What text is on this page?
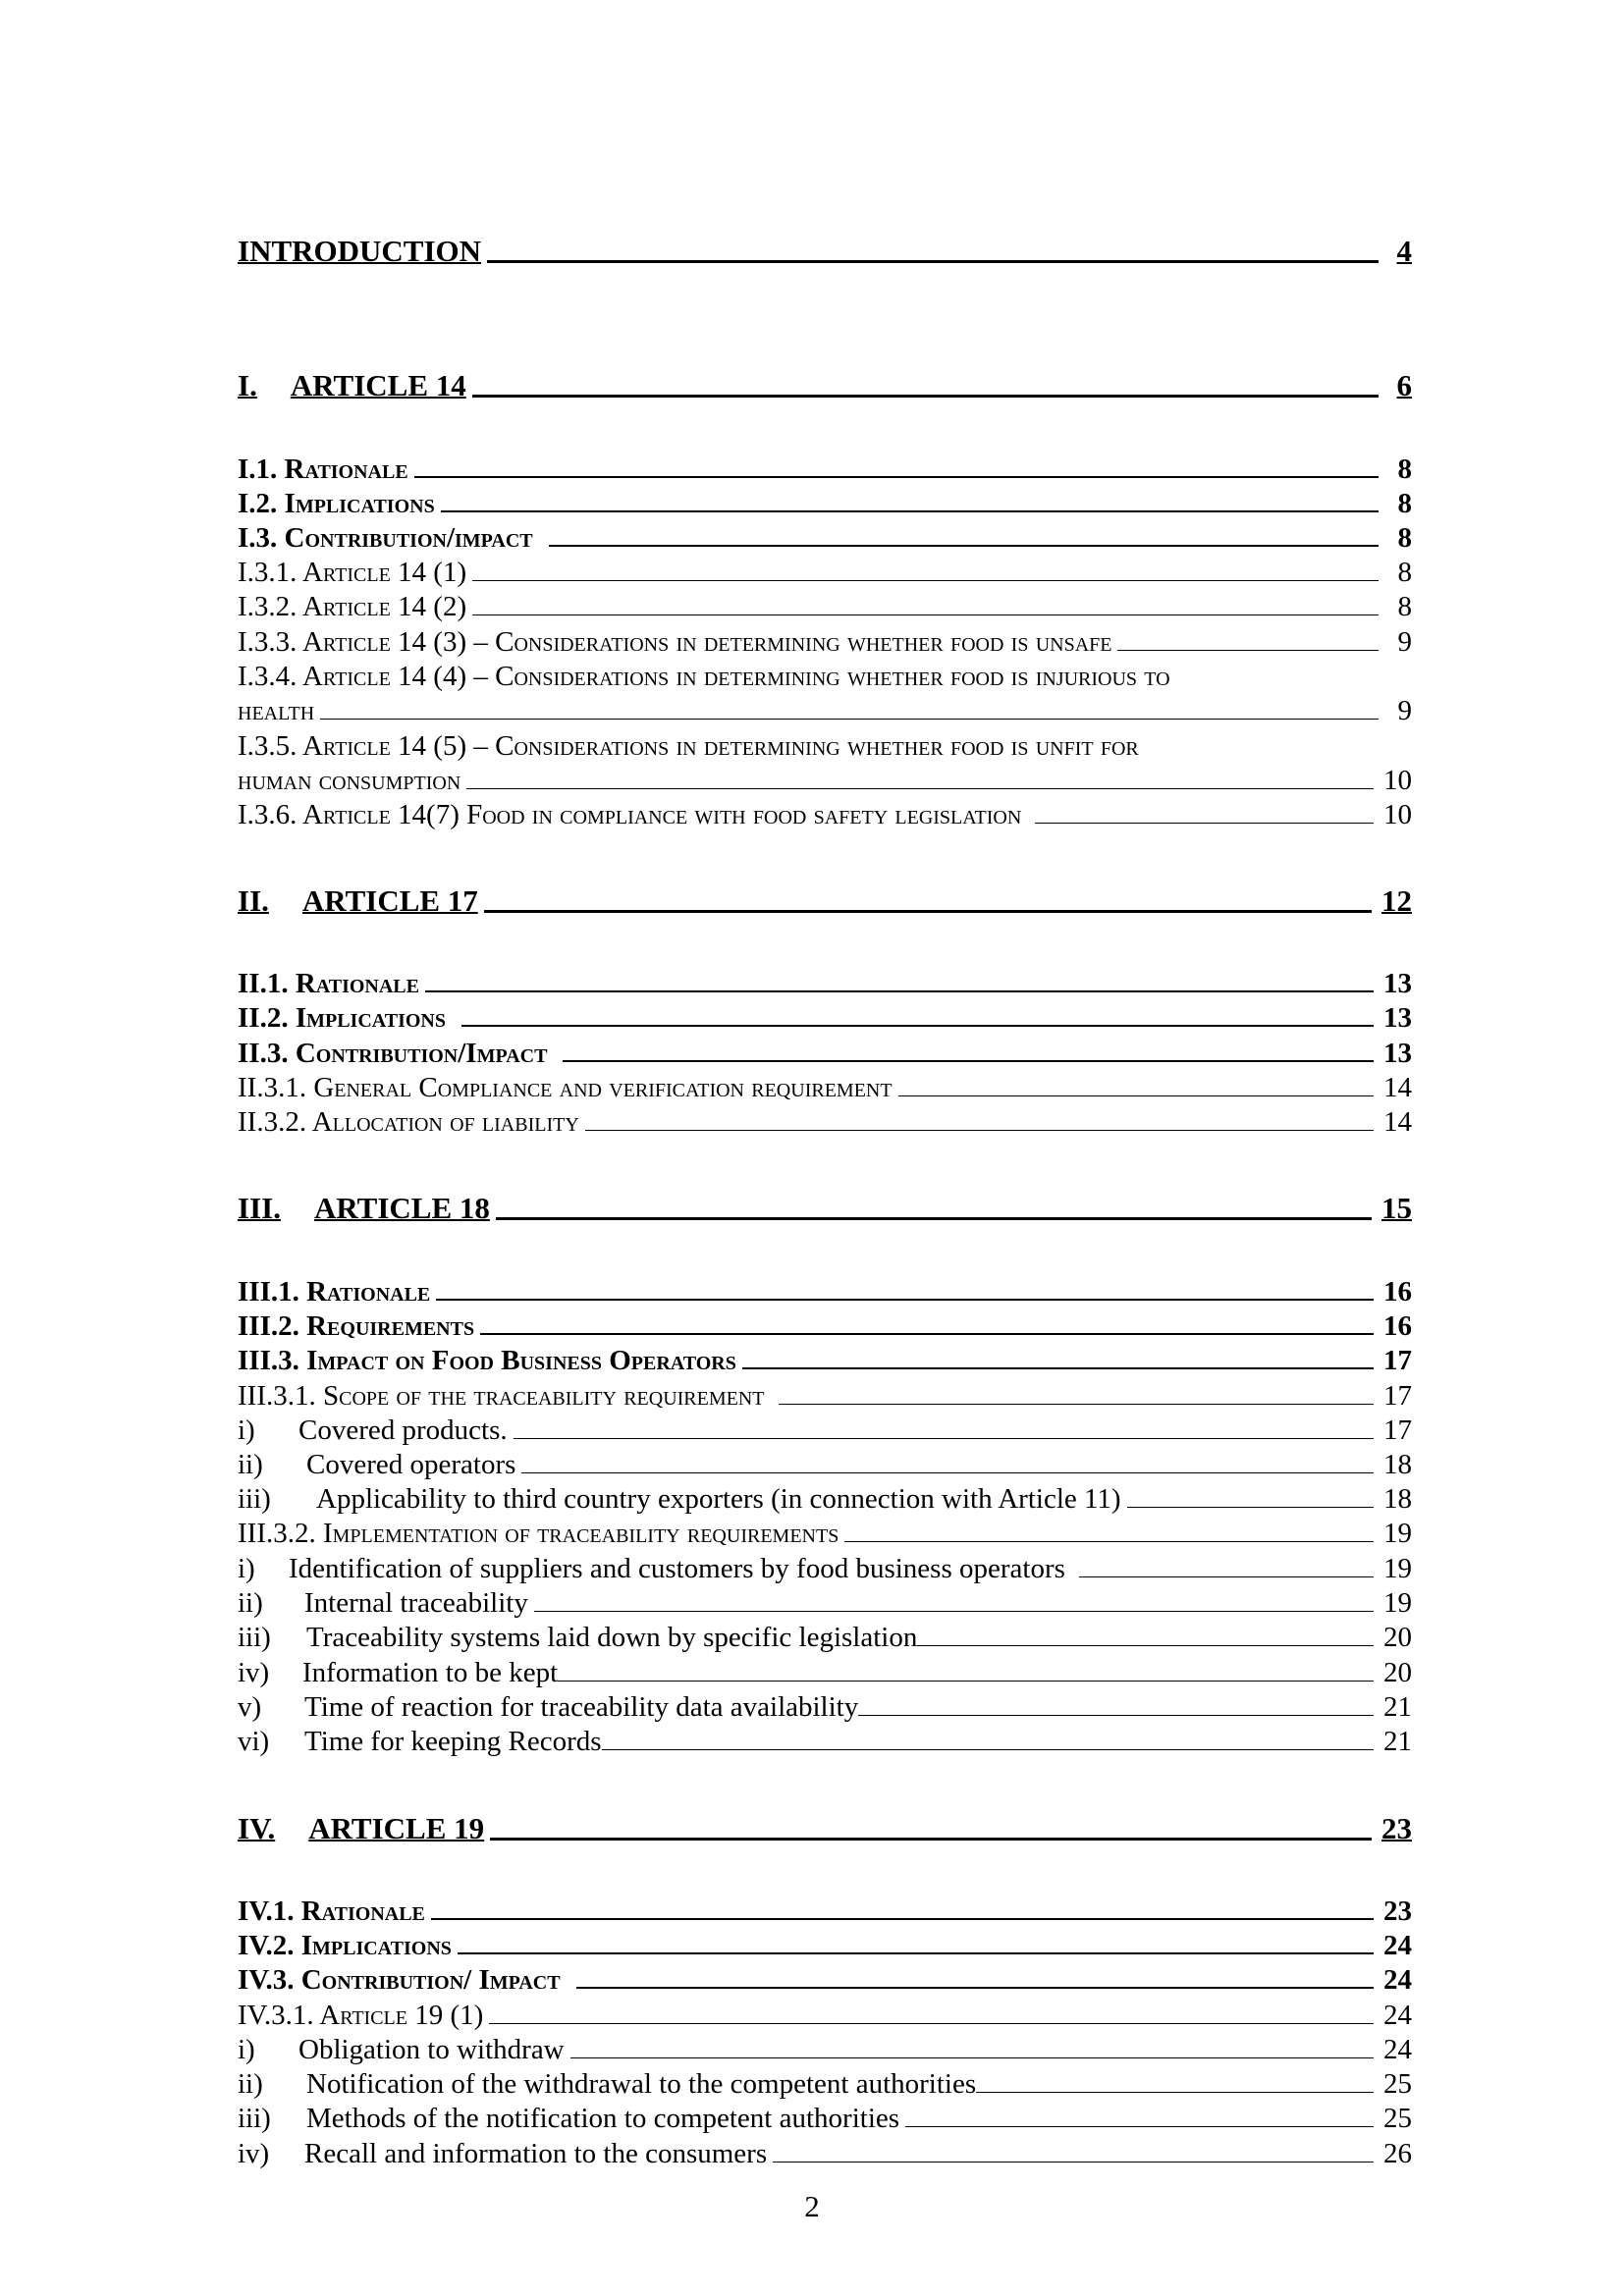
INTRODUCTION	4
I. ARTICLE 14	6
I.1. Rationale	8
I.2. Implications	8
I.3. Contribution/impact	8
I.3.1. Article 14 (1)	8
I.3.2. Article 14 (2)	8
I.3.3. Article 14 (3) – Considerations in determining whether food is unsafe	9
I.3.4. Article 14 (4) – Considerations in determining whether food is injurious to
health	9
I.3.5. Article 14 (5) – Considerations in determining whether food is unfit for
human consumption	10
I.3.6. Article 14(7) Food in compliance with food safety legislation	10
II. ARTICLE 17	12
II.1. Rationale	13
II.2. Implications	13
II.3. Contribution/Impact	13
II.3.1. General Compliance and verification requirement	14
II.3.2. Allocation of liability	14
III. ARTICLE 18	15
III.1. Rationale	16
III.2. Requirements	16
III.3. Impact on Food Business Operators	17
III.3.1. Scope of the traceability requirement	17
i) Covered products.	17
ii) Covered operators	18
iii) Applicability to third country exporters (in connection with Article 11)	18
III.3.2. Implementation of traceability requirements	19
i) Identification of suppliers and customers by food business operators	19
ii) Internal traceability	19
iii) Traceability systems laid down by specific legislation	20
iv) Information to be kept	20
v) Time of reaction for traceability data availability	21
vi) Time for keeping Records	21
IV. ARTICLE 19	23
IV.1. Rationale	23
IV.2. Implications	24
IV.3. Contribution/ Impact	24
IV.3.1. Article 19 (1)	24
i) Obligation to withdraw	24
ii) Notification of the withdrawal to the competent authorities	25
iii) Methods of the notification to competent authorities	25
iv) Recall and information to the consumers	26
2
